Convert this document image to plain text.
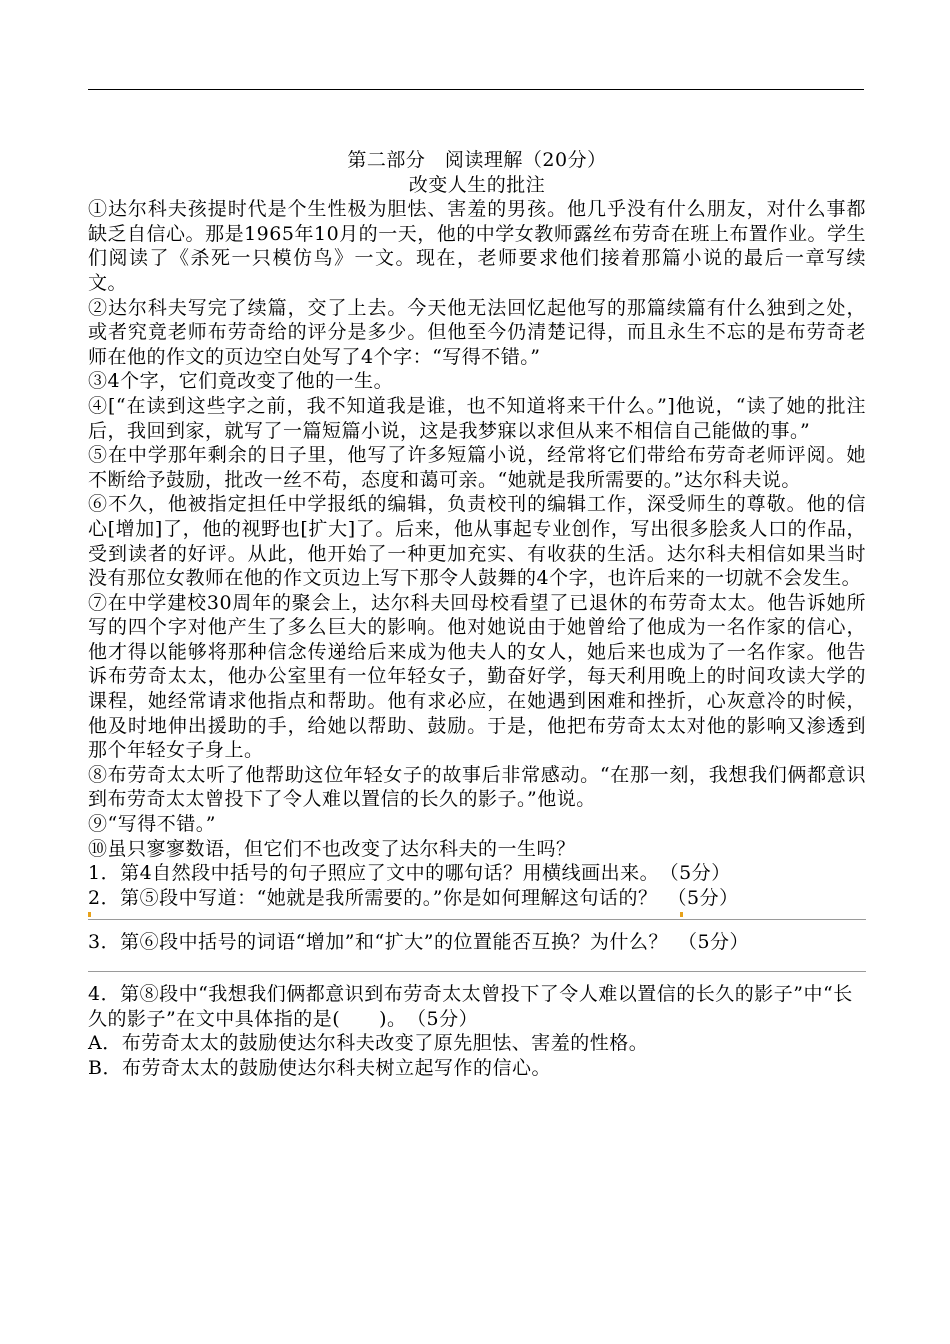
第二部分　阅读理解（20分）

改变人生的批注

①达尔科夫孩提时代是个生性极为胆怯、害羞的男孩。他几乎没有什么朋友，对什么事都缺乏自信心。那是1965年10月的一天，他的中学女教师露丝布劳奇在班上布置作业。学生们阅读了《杀死一只模仿鸟》一文。现在，老师要求他们接着那篇小说的最后一章写续文。

②达尔科夫写完了续篇，交了上去。今天他无法回忆起他写的那篇续篇有什么独到之处，或者究竟老师布劳奇给的评分是多少。但他至今仍清楚记得，而且永生不忘的是布劳奇老师在他的作文的页边空白处写了4个字：“写得不错。”

③4个字，它们竟改变了他的一生。

④[“在读到这些字之前，我不知道我是谁，也不知道将来干什么。”]他说，“读了她的批注后，我回到家，就写了一篇短篇小说，这是我梦寐以求但从来不相信自己能做的事。”

⑤在中学那年剩余的日子里，他写了许多短篇小说，经常将它们带给布劳奇老师评阅。她不断给予鼓励，批改一丝不苟，态度和蔼可亲。“她就是我所需要的。”达尔科夫说。

⑥不久，他被指定担任中学报纸的编辑，负责校刊的编辑工作，深受师生的尊敬。他的信心[增加]了，他的视野也[扩大]了。后来，他从事起专业创作，写出很多脍炙人口的作品，受到读者的好评。从此，他开始了一种更加充实、有收获的生活。达尔科夫相信如果当时没有那位女教师在他的作文页边上写下那令人鼓舞的4个字，也许后来的一切就不会发生。

⑦在中学建校30周年的聚会上，达尔科夫回母校看望了已退休的布劳奇太太。他告诉她所写的四个字对他产生了多么巨大的影响。他对她说由于她曾给了他成为一名作家的信心，他才得以能够将那种信念传递给后来成为他夫人的女人，她后来也成为了一名作家。他告诉布劳奇太太，他办公室里有一位年轻女子，勤奋好学，每天利用晚上的时间攻读大学的课程，她经常请求他指点和帮助。他有求必应，在她遇到困难和挫折，心灰意冷的时候，他及时地伸出援助的手，给她以帮助、鼓励。于是，他把布劳奇太太对他的影响又渗透到那个年轻女子身上。

⑧布劳奇太太听了他帮助这位年轻女子的故事后非常感动。“在那一刻，我想我们俩都意识到布劳奇太太曾投下了令人难以置信的长久的影子。”他说。

⑨“写得不错。”

⑩虽只寥寥数语，但它们不也改变了达尔科夫的一生吗？

1．第4自然段中括号的句子照应了文中的哪句话？用横线画出来。　（5分）

2．第⑤段中写道：“她就是我所需要的。”你是如何理解这句话的？　（5分）

3．第⑥段中括号的词语“增加”和“扩大”的位置能否互换？为什么？　（5分）

4．第⑧段中“我想我们俩都意识到布劳奇太太曾投下了令人难以置信的长久的影子”中“长久的影子”在文中具体指的是(　　)。　（5分）

A．布劳奇太太的鼓励使达尔科夫改变了原先胆怯、害羞的性格。

B．布劳奇太太的鼓励使达尔科夫树立起写作的信心。
